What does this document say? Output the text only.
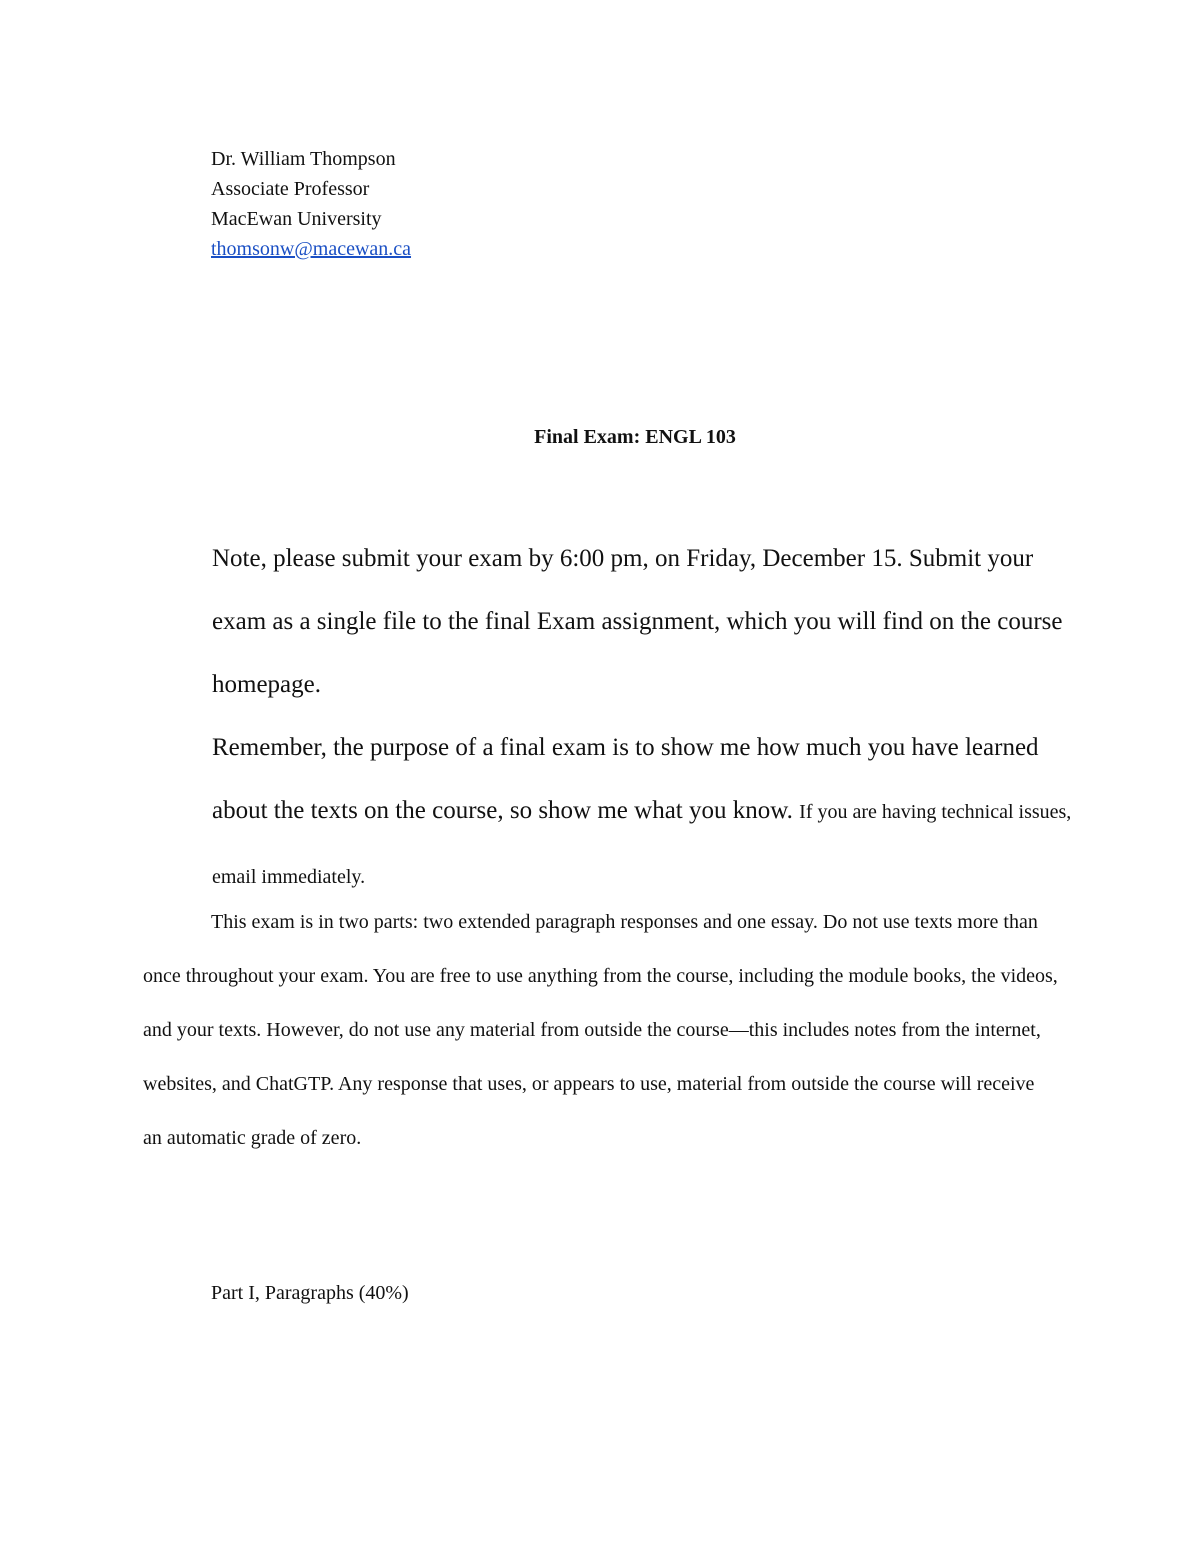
Dr. William Thompson
Associate Professor
MacEwan University
thomsonw@macewan.ca
Final Exam: ENGL 103

Note, please submit your exam by 6:00 pm, on Friday, December 15. Submit your exam as a single file to the final Exam assignment, which you will find on the course homepage.

Remember, the purpose of a final exam is to show me how much you have learned about the texts on the course, so show me what you know. If you are having technical issues, email immediately.

This exam is in two parts: two extended paragraph responses and one essay. Do not use texts more than once throughout your exam. You are free to use anything from the course, including the module books, the videos, and your texts. However, do not use any material from outside the course—this includes notes from the internet, websites, and ChatGTP. Any response that uses, or appears to use, material from outside the course will receive an automatic grade of zero.

Part I, Paragraphs (40%)
